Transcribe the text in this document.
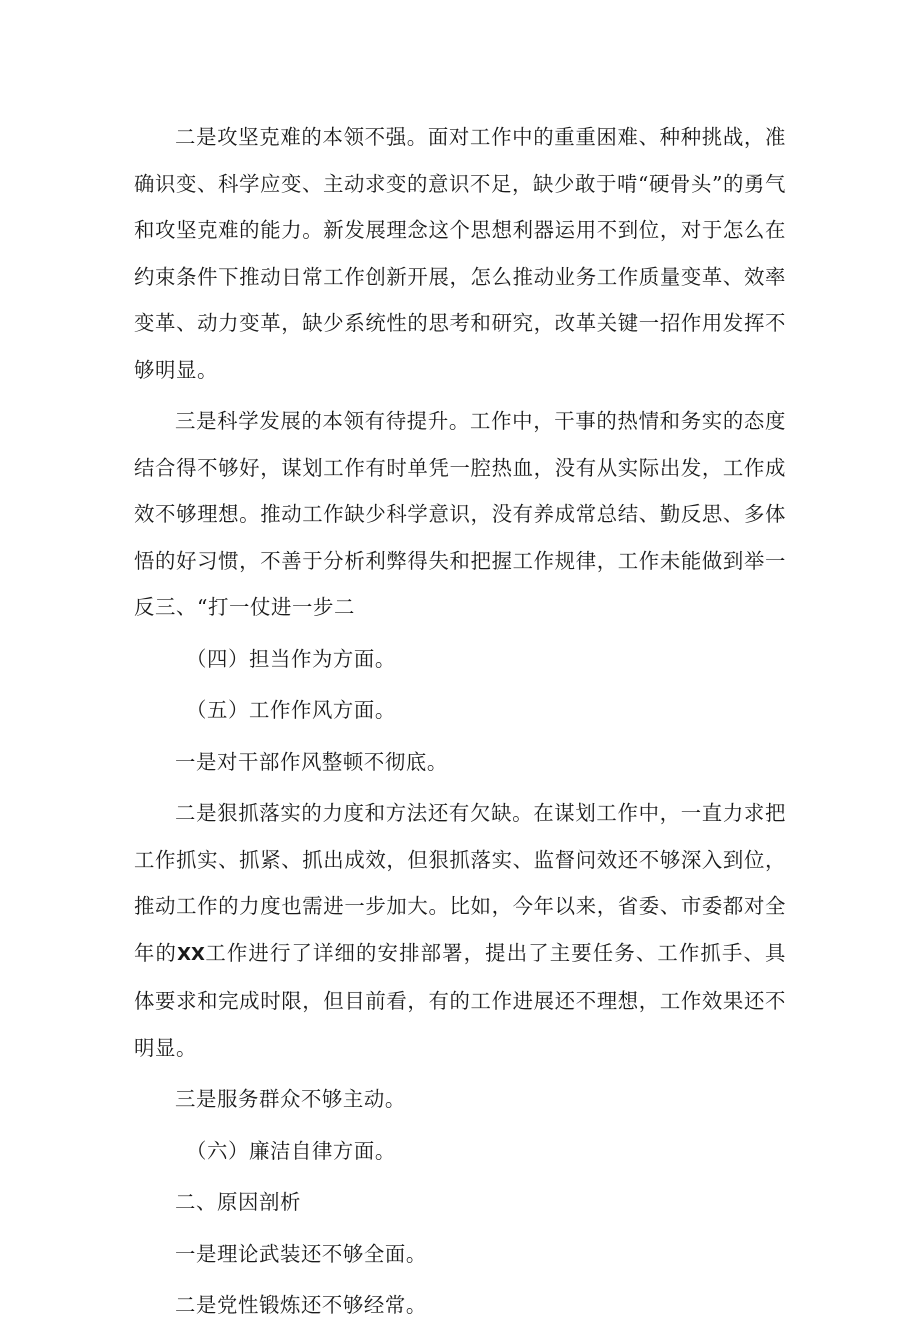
二是攻坚克难的本领不强。面对工作中的重重困难、种种挑战，准确识变、科学应变、主动求变的意识不足，缺少敢于啃“硬骨头”的勇气和攻坚克难的能力。新发展理念这个思想利器运用不到位，对于怎么在约束条件下推动日常工作创新开展，怎么推动业务工作质量变革、效率变革、动力变革，缺少系统性的思考和研究，改革关键一招作用发挥不够明显。

三是科学发展的本领有待提升。工作中，干事的热情和务实的态度结合得不够好，谋划工作有时单凭一腔热血，没有从实际出发，工作成效不够理想。推动工作缺少科学意识，没有养成常总结、勤反思、多体悟的好习惯，不善于分析利弊得失和把握工作规律，工作未能做到举一反三、“打一仗进一步二

（四）担当作为方面。

（五）工作作风方面。

一是对干部作风整顿不彻底。

二是狠抓落实的力度和方法还有欠缺。在谋划工作中，一直力求把工作抓实、抓紧、抓出成效，但狠抓落实、监督问效还不够深入到位，推动工作的力度也需进一步加大。比如，今年以来，省委、市委都对全年的XX工作进行了详细的安排部署，提出了主要任务、工作抓手、具体要求和完成时限，但目前看，有的工作进展还不理想，工作效果还不明显。

三是服务群众不够主动。

（六）廉洁自律方面。

二、原因剖析

一是理论武装还不够全面。

二是党性锻炼还不够经常。
